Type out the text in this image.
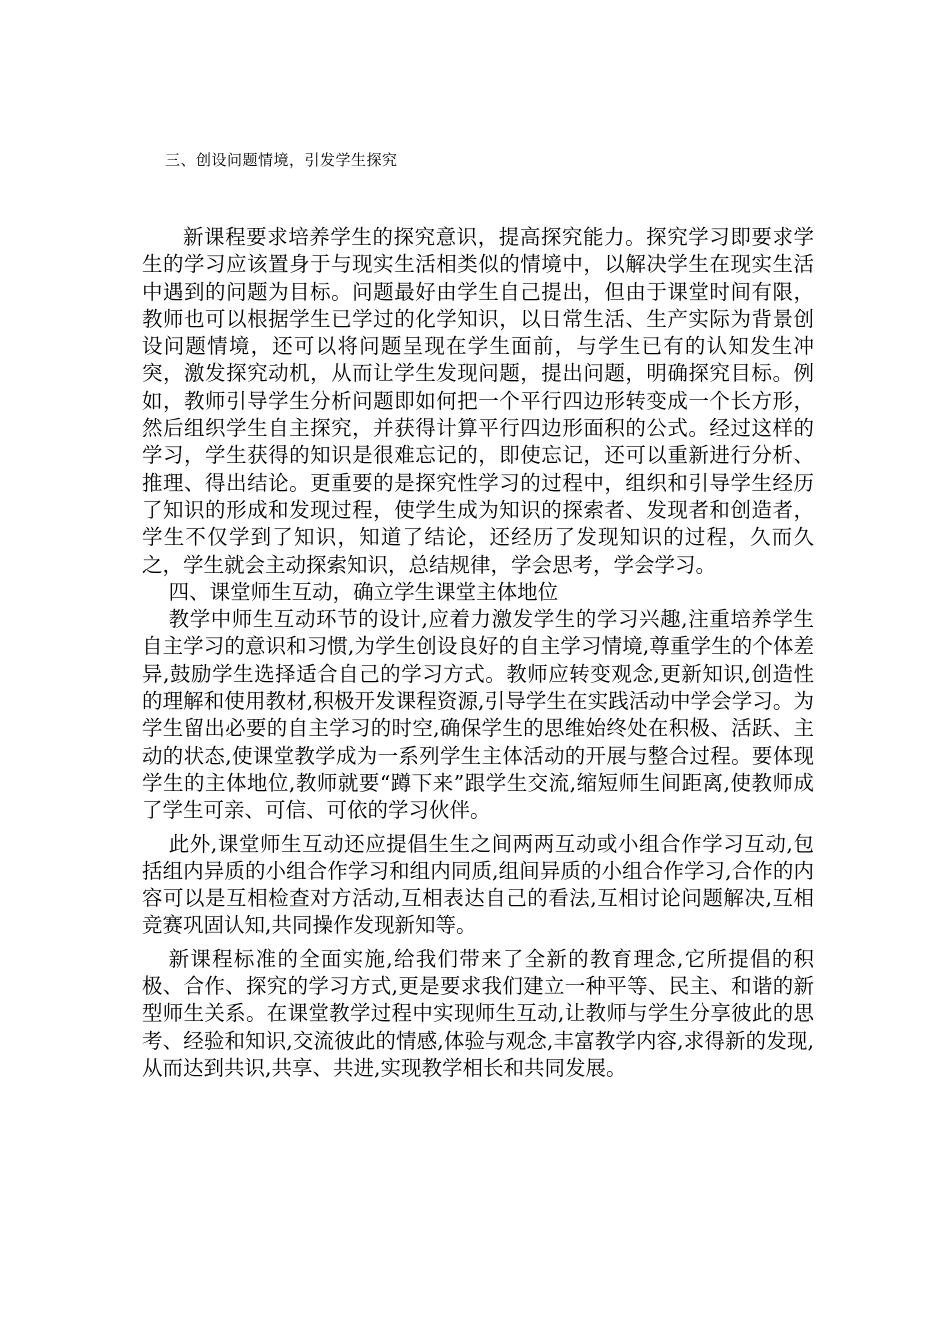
三、创设问题情境，引发学生探究

新课程要求培养学生的探究意识，提高探究能力。探究学习即要求学生的学习应该置身于与现实生活相类似的情境中，以解决学生在现实生活中遇到的问题为目标。问题最好由学生自己提出，但由于课堂时间有限，教师也可以根据学生已学过的化学知识，以日常生活、生产实际为背景创设问题情境，还可以将问题呈现在学生面前，与学生已有的认知发生冲突，激发探究动机，从而让学生发现问题，提出问题，明确探究目标。例如，教师引导学生分析问题即如何把一个平行四边形转变成一个长方形，然后组织学生自主探究，并获得计算平行四边形面积的公式。经过这样的学习，学生获得的知识是很难忘记的，即使忘记，还可以重新进行分析、推理、得出结论。更重要的是探究性学习的过程中，组织和引导学生经历了知识的形成和发现过程，使学生成为知识的探索者、发现者和创造者，学生不仅学到了知识，知道了结论，还经历了发现知识的过程，久而久之，学生就会主动探索知识，总结规律，学会思考，学会学习。

四、课堂师生互动，确立学生课堂主体地位

教学中师生互动环节的设计,应着力激发学生的学习兴趣,注重培养学生自主学习的意识和习惯,为学生创设良好的自主学习情境,尊重学生的个体差异,鼓励学生选择适合自己的学习方式。教师应转变观念,更新知识,创造性的理解和使用教材,积极开发课程资源,引导学生在实践活动中学会学习。为学生留出必要的自主学习的时空,确保学生的思维始终处在积极、活跃、主动的状态,使课堂教学成为一系列学生主体活动的开展与整合过程。要体现学生的主体地位,教师就要“蹲下来”跟学生交流,缩短师生间距离,使教师成了学生可亲、可信、可依的学习伙伴。

此外,课堂师生互动还应提倡生生之间两两互动或小组合作学习互动,包括组内异质的小组合作学习和组内同质,组间异质的小组合作学习,合作的内容可以是互相检查对方活动,互相表达自己的看法,互相讨论问题解决,互相竞赛巩固认知,共同操作发现新知等。

新课程标准的全面实施,给我们带来了全新的教育理念,它所提倡的积极、合作、探究的学习方式,更是要求我们建立一种平等、民主、和谐的新型师生关系。在课堂教学过程中实现师生互动,让教师与学生分享彼此的思考、经验和知识,交流彼此的情感,体验与观念,丰富教学内容,求得新的发现,从而达到共识,共享、共进,实现教学相长和共同发展。
